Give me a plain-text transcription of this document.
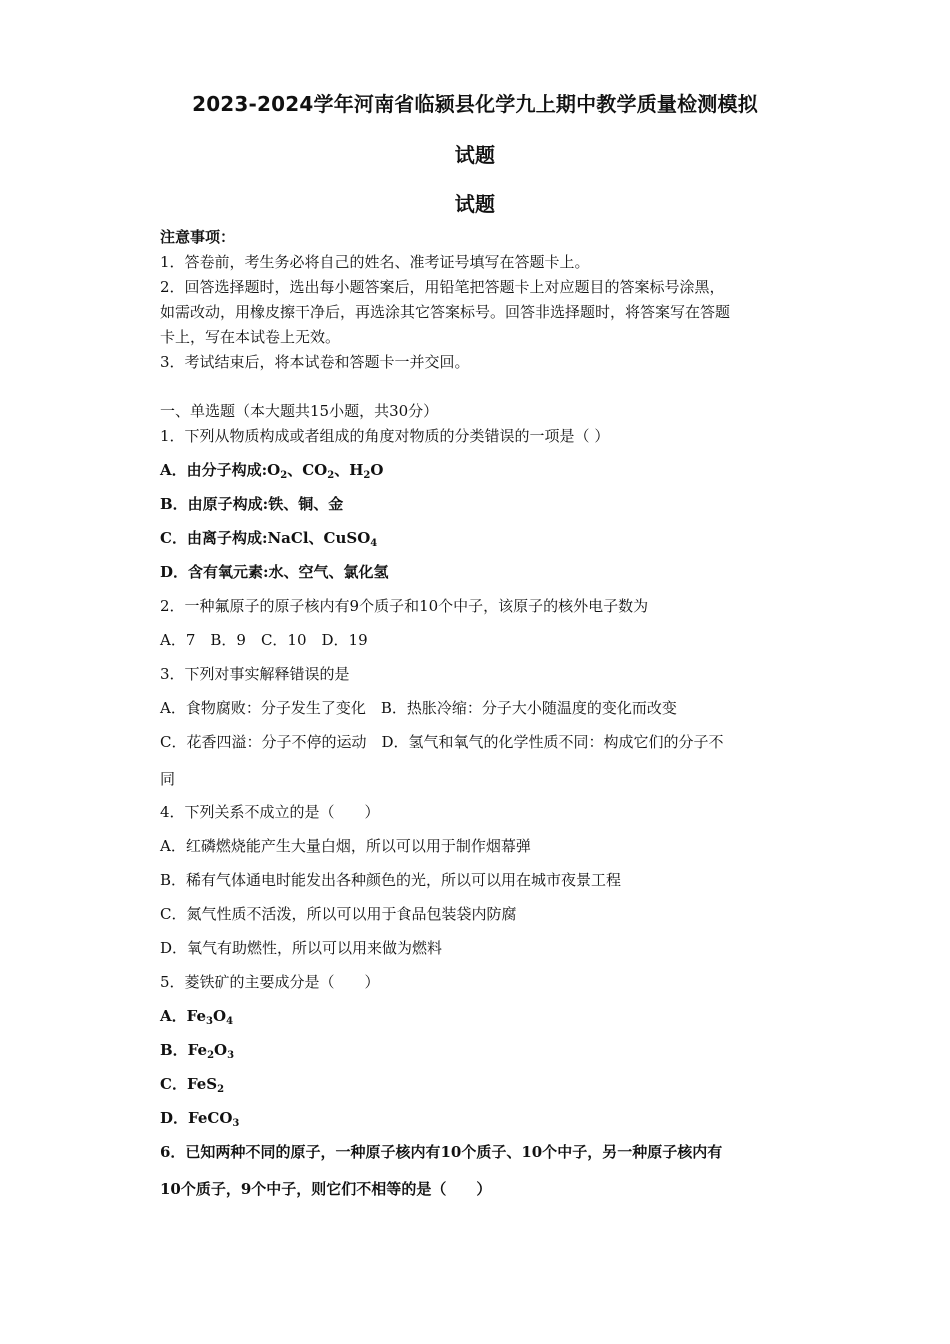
2023-2024学年河南省临颍县化学九上期中教学质量检测模拟
试题
试题
注意事项：
1．答卷前，考生务必将自己的姓名、准考证号填写在答题卡上。
2．回答选择题时，选出每小题答案后，用铅笔把答题卡上对应题目的答案标号涂黑，
如需改动，用橡皮擦干净后，再选涂其它答案标号。回答非选择题时，将答案写在答题
卡上，写在本试卷上无效。
3．考试结束后，将本试卷和答题卡一并交回。
一、单选题（本大题共15小题，共30分）
1．下列从物质构成或者组成的角度对物质的分类错误的一项是（ ）
A．由分子构成$:O_2$、$CO_2$、$H_2O$
B．由原子构成:铁、铜、金
C．由离子构成:NaCl、CuSO$_4$
D．含有氧元素:水、空气、氯化氢
2．一种氟原子的原子核内有9个质子和10个中子，该原子的核外电子数为
A．7　B．9　C．10　D．19
3．下列对事实解释错误的是
A．食物腐败：分子发生了变化　B．热胀冷缩：分子大小随温度的变化而改变
C．花香四溢：分子不停的运动　D．氢气和氧气的化学性质不同：构成它们的分子不
同
4．下列关系不成立的是（　　）
A．红磷燃烧能产生大量白烟，所以可以用于制作烟幕弹
B．稀有气体通电时能发出各种颜色的光，所以可以用在城市夜景工程
C．氮气性质不活泼，所以可以用于食品包装袋内防腐
D．氧气有助燃性，所以可以用来做为燃料
5．菱铁矿的主要成分是（　　）
A．$Fe_3O_4$
B．$Fe_2O_3$
C．FeS$_2$
D．FeCO$_3$
6．已知两种不同的原子，一种原子核内有10个质子、10个中子，另一种原子核内有
10个质子，9个中子，则它们不相等的是（　　）
